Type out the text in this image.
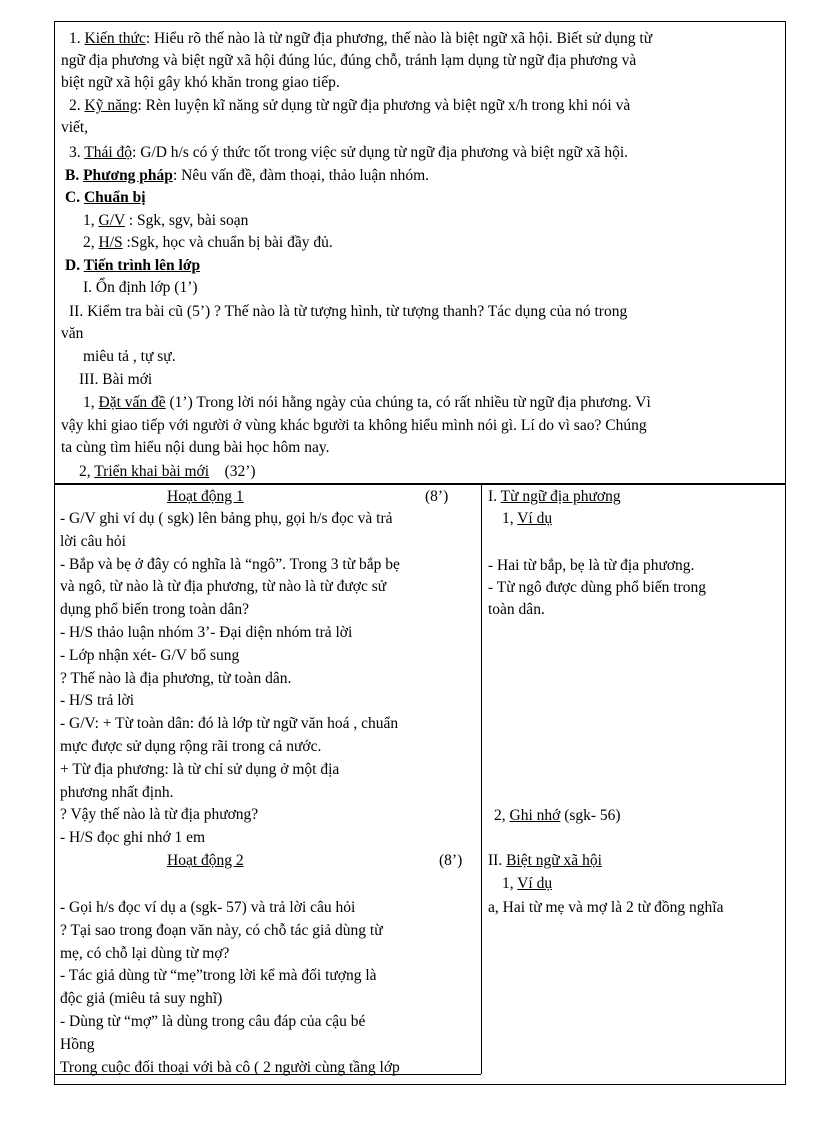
1. Kiến thức: Hiểu rõ thế nào là từ ngữ địa phương, thế nào là biệt ngữ xã hội. Biết sử dụng từ
ngữ địa phương và biệt ngữ xã hội đúng lúc, đúng chỗ, tránh lạm dụng từ ngữ địa phương và
biệt ngữ xã hội gây khó khăn trong giao tiếp.
2. Kỹ năng: Rèn luyện kĩ năng sử dụng từ ngữ địa phương và biệt ngữ x/h trong khi nói và
viết,
3. Thái độ: G/D h/s có ý thức tốt trong việc sử dụng từ ngữ địa phương và biệt ngữ xã hội.
B. Phương pháp: Nêu vấn đề, đàm thoại, thảo luận nhóm.
C. Chuẩn bị
1, G/V : Sgk, sgv, bài soạn
2, H/S :Sgk, học và chuẩn bị bài đầy đủ.
D. Tiến trình lên lớp
I. Ổn định lớp (1’)
II. Kiểm tra bài cũ (5’) ? Thế nào là từ tượng hình, từ tượng thanh? Tác dụng của nó trong
văn
miêu tả , tự sự.
III. Bài mới
1, Đặt vấn đề (1’) Trong lời nói hằng ngày của chúng ta, có rất nhiều từ ngữ địa phương. Vì
vậy khi giao tiếp với người ở vùng khác bgười ta không hiểu mình nói gì. Lí do vì sao? Chúng
ta cùng tìm hiểu nội dung bài học hôm nay.
2, Triển khai bài mới (32’)
Hoạt động 1	(8’)
- G/V ghi ví dụ ( sgk) lên bảng phụ, gọi h/s đọc và trả
lời câu hỏi
- Bắp và bẹ ở đây có nghĩa là “ngô”. Trong 3 từ bắp bẹ
và ngô, từ nào là từ địa phương, từ nào là từ được sử
dụng phổ biến trong toàn dân?
- H/S thảo luận nhóm 3’- Đại diện nhóm trả lời
- Lớp nhận xét- G/V bổ sung
? Thế nào là địa phương, từ toàn dân.
- H/S trả lời
- G/V: + Từ toàn dân: đó là lớp từ ngữ văn hoá , chuẩn
mực được sử dụng rộng rãi trong cả nước.
+ Từ địa phương: là từ chỉ sử dụng ở một địa
phương nhất định.
? Vậy thế nào là từ địa phương?
- H/S đọc ghi nhớ 1 em
I. Từ ngữ địa phương
1, Ví dụ
- Hai từ bắp, bẹ là từ địa phương.
- Từ ngô được dùng phổ biến trong
toàn dân.
2, Ghi nhớ (sgk- 56)
Hoạt động 2	(8’)
- Gọi h/s đọc ví dụ a (sgk- 57) và trả lời câu hỏi
? Tại sao trong đoạn văn này, có chỗ tác giả dùng từ
mẹ, có chỗ lại dùng từ mợ?
- Tác giả dùng từ “mẹ”trong lời kể mà đối tượng là
độc giả (miêu tả suy nghĩ)
- Dùng từ “mợ” là dùng trong câu đáp của cậu bé
Hồng
Trong cuộc đối thoại với bà cô ( 2 người cùng tầng lớp
II. Biệt ngữ xã hội
1, Ví dụ
a, Hai từ mẹ và mợ là 2 từ đồng nghĩa
